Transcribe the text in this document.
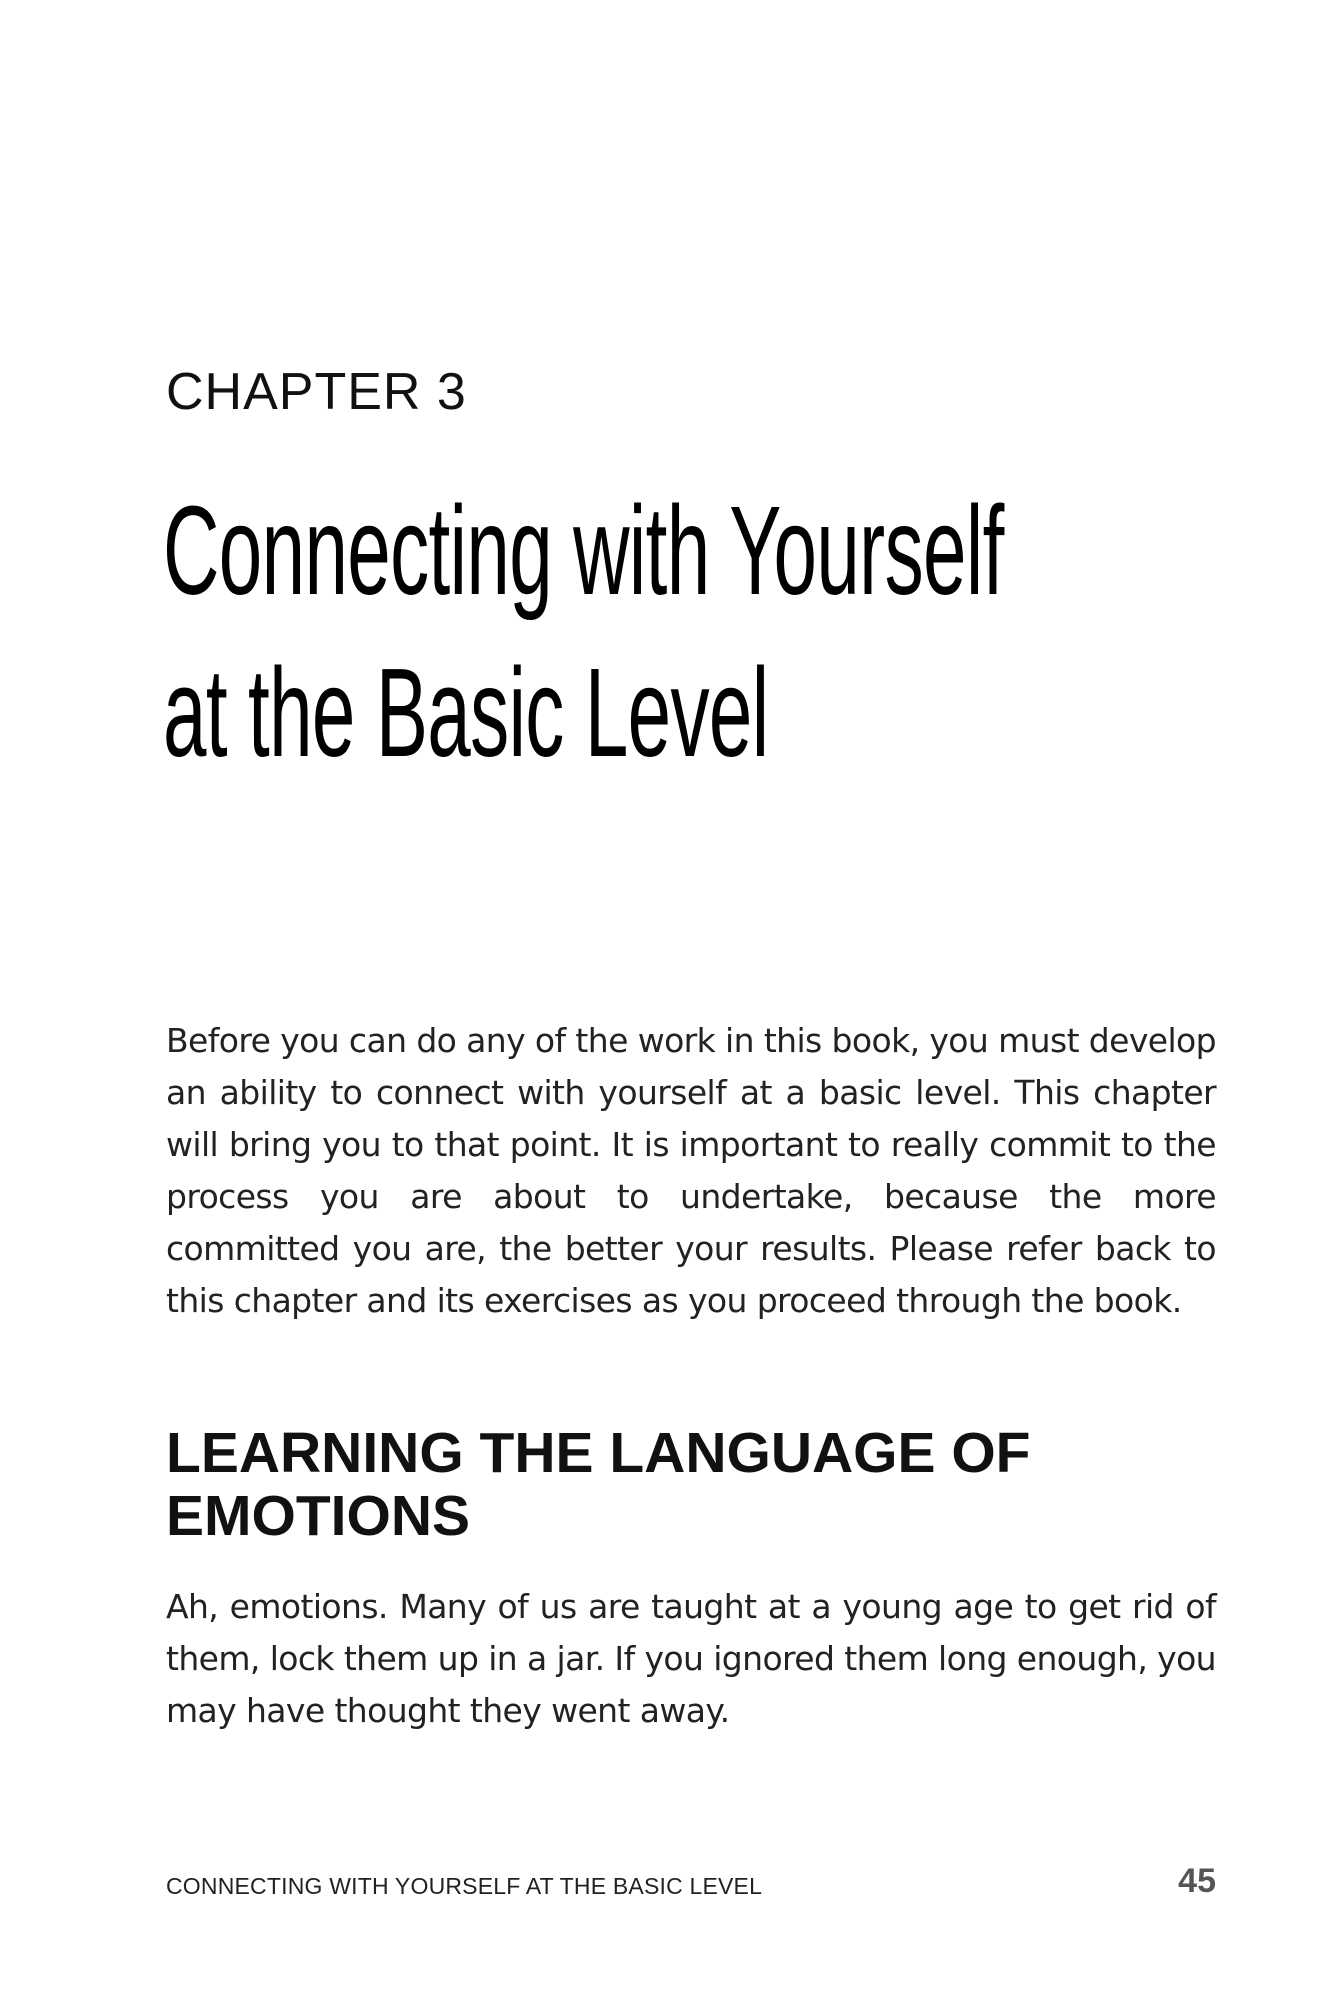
CHAPTER 3
Connecting with Yourself
at the Basic Level

Before you can do any of the work in this book, you must develop an ability to connect with yourself at a basic level. This chapter will bring you to that point. It is important to really commit to the process you are about to undertake, because the more committed you are, the better your results. Please refer back to this chapter and its exercises as you proceed through the book.

LEARNING THE LANGUAGE OF EMOTIONS

Ah, emotions. Many of us are taught at a young age to get rid of them, lock them up in a jar. If you ignored them long enough, you may have thought they went away.

CONNECTING WITH YOURSELF AT THE BASIC LEVEL	45
